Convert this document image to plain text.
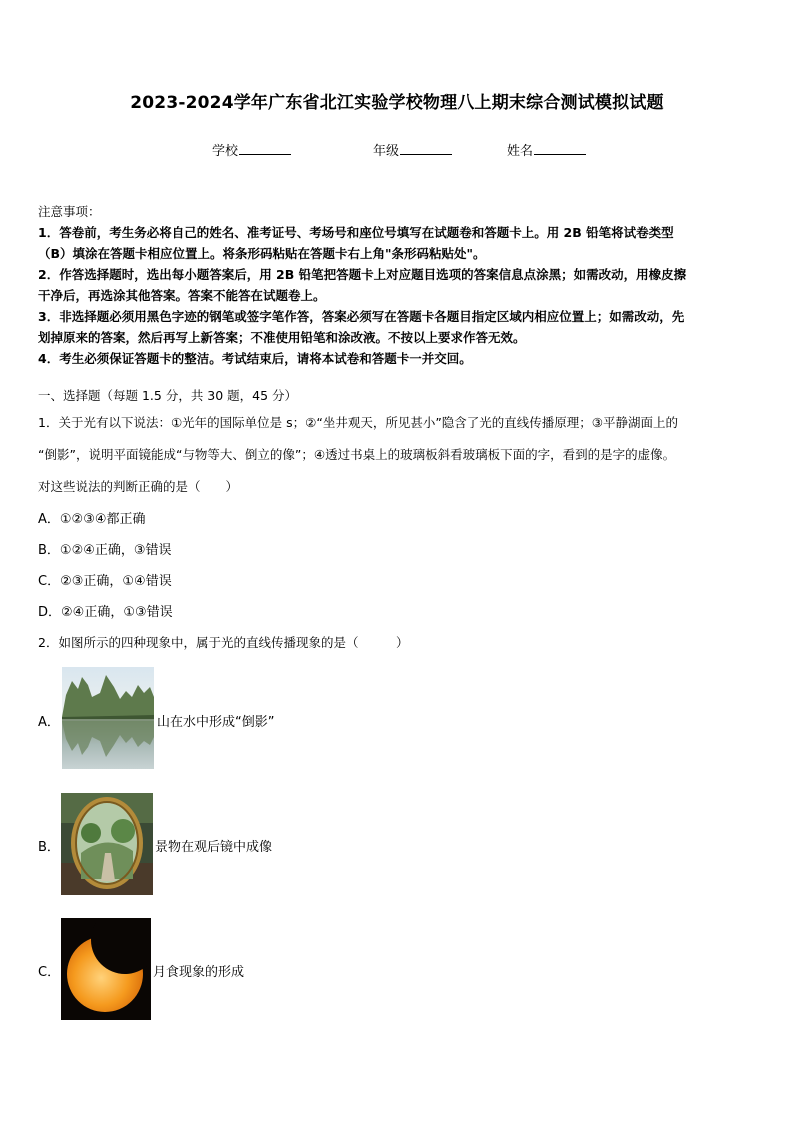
2023-2024学年广东省北江实验学校物理八上期末综合测试模拟试题
学校	年级	姓名
注意事项：
1．答卷前，考生务必将自己的姓名、准考证号、考场号和座位号填写在试题卷和答题卡上。用 2B 铅笔将试卷类型
（B）填涂在答题卡相应位置上。将条形码粘贴在答题卡右上角"条形码粘贴处"。
2．作答选择题时，选出每小题答案后，用 2B 铅笔把答题卡上对应题目选项的答案信息点涂黑；如需改动，用橡皮擦
干净后，再选涂其他答案。答案不能答在试题卷上。
3．非选择题必须用黑色字迹的钢笔或签字笔作答，答案必须写在答题卡各题目指定区域内相应位置上；如需改动，先
划掉原来的答案，然后再写上新答案；不准使用铅笔和涂改液。不按以上要求作答无效。
4．考生必须保证答题卡的整洁。考试结束后，请将本试卷和答题卡一并交回。
一、选择题（每题 1.5 分，共 30 题，45 分）
1．关于光有以下说法：①光年的国际单位是 s；②“坐井观天，所见甚小”隐含了光的直线传播原理；③平静湖面上的
“倒影”，说明平面镜能成“与物等大、倒立的像”；④透过书桌上的玻璃板斜看玻璃板下面的字，看到的是字的虚像。
对这些说法的判断正确的是（　　）
A．①②③④都正确
B．①②④正确，③错误
C．②③正确，①④错误
D．②④正确，①③错误
2．如图所示的四种现象中，属于光的直线传播现象的是（　　　）
A．	山在水中形成“倒影”
B．	景物在观后镜中成像
C．	月食现象的形成
